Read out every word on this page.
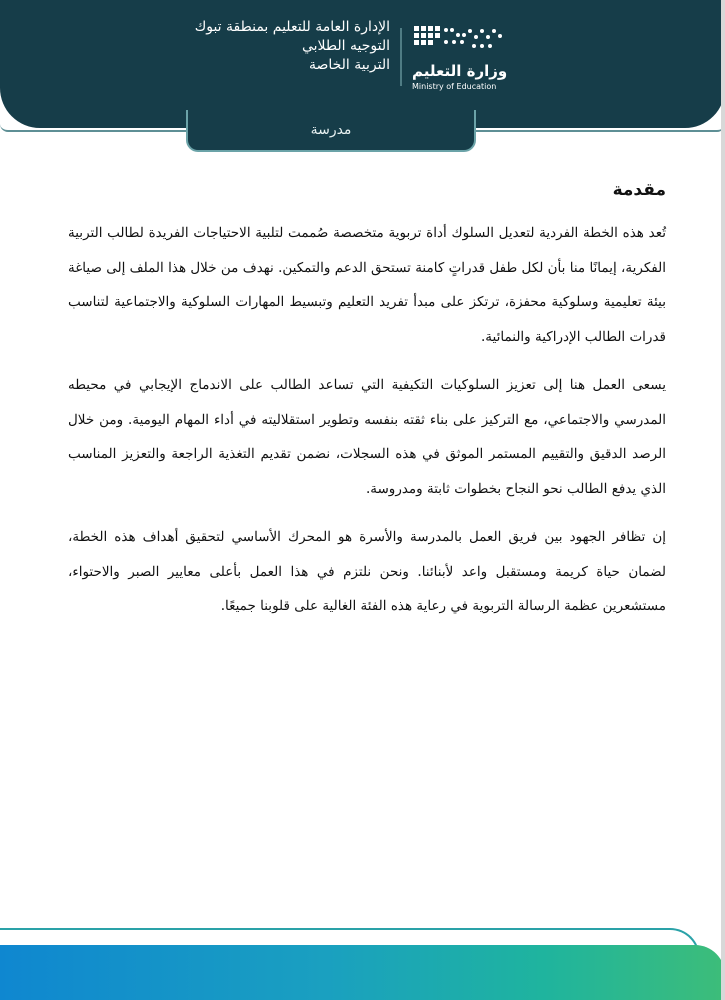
الإدارة العامة للتعليم بمنطقة تبوك
التوجيه الطلابي
التربية الخاصة وزارة التعليم
Ministry of Education
مدرسة
مقدمة

تُعد هذه الخطة الفردية لتعديل السلوك أداة تربوية متخصصة صُممت لتلبية الاحتياجات الفريدة لطالب التربية الفكرية، إيمانًا منا بأن لكل طفل قدراتٍ كامنة تستحق الدعم والتمكين. نهدف من خلال هذا الملف إلى صياغة بيئة تعليمية وسلوكية محفزة، ترتكز على مبدأ تفريد التعليم وتبسيط المهارات السلوكية والاجتماعية لتناسب قدرات الطالب الإدراكية والنمائية.

يسعى العمل هنا إلى تعزيز السلوكيات التكيفية التي تساعد الطالب على الاندماج الإيجابي في محيطه المدرسي والاجتماعي، مع التركيز على بناء ثقته بنفسه وتطوير استقلاليته في أداء المهام اليومية. ومن خلال الرصد الدقيق والتقييم المستمر الموثق في هذه السجلات، نضمن تقديم التغذية الراجعة والتعزيز المناسب الذي يدفع الطالب نحو النجاح بخطوات ثابتة ومدروسة.

إن تظافر الجهود بين فريق العمل بالمدرسة والأسرة هو المحرك الأساسي لتحقيق أهداف هذه الخطة، لضمان حياة كريمة ومستقبل واعد لأبنائنا. ونحن نلتزم في هذا العمل بأعلى معايير الصبر والاحتواء، مستشعرين عظمة الرسالة التربوية في رعاية هذه الفئة الغالية على قلوبنا جميعًا.
